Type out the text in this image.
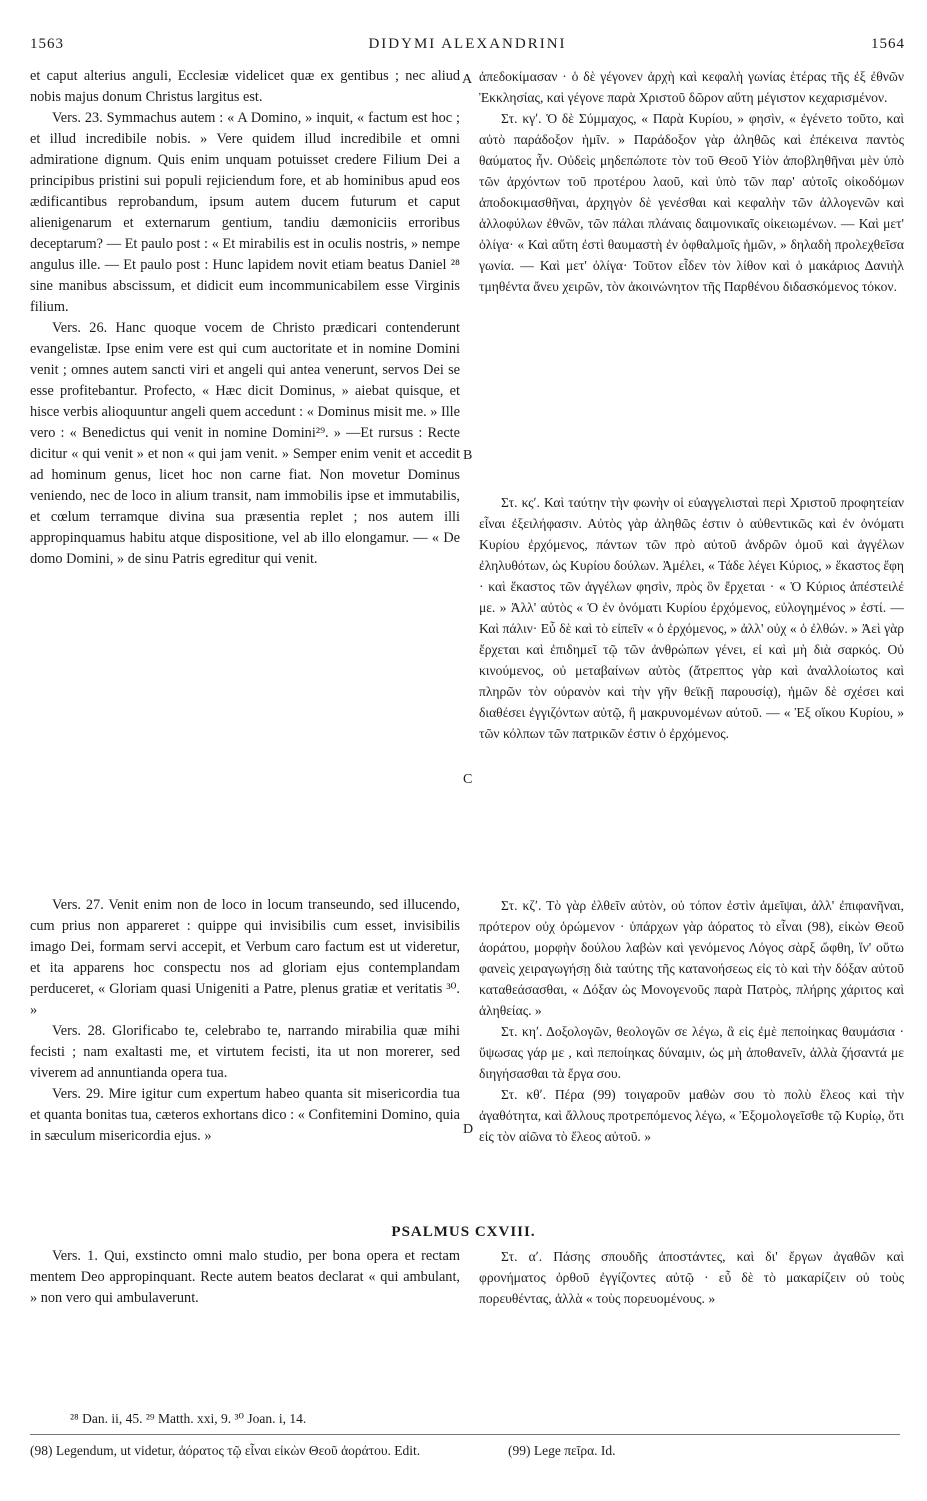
1563	DIDYMI ALEXANDRINI	1564
A
B
C
D

et caput alterius anguli, Ecclesiæ videlicet quæ ex gentibus ; nec aliud nobis majus donum Christus largitus est.

Vers. 23. Symmachus autem : « A Domino, » inquit, « factum est hoc ; et illud incredibile nobis. » Vere quidem illud incredibile et omni admiratione dignum. Quis enim unquam potuisset credere Filium Dei a principibus pristini sui populi rejiciendum fore, et ab hominibus apud eos ædificantibus reprobandum, ipsum autem ducem futurum et caput alienigenarum et externarum gentium, tandiu dæmoniciis erroribus deceptarum? — Et paulo post : « Et mirabilis est in oculis nostris, » nempe angulus ille. — Et paulo post : Hunc lapidem novit etiam beatus Daniel ²⁸ sine manibus abscissum, et didicit eum incommunicabilem esse Virginis filium.

Vers. 26. Hanc quoque vocem de Christo prædicari contenderunt evangelistæ. Ipse enim vere est qui cum auctoritate et in nomine Domini venit ; omnes autem sancti viri et angeli qui antea venerunt, servos Dei se esse profitebantur. Profecto, « Hæc dicit Dominus, » aiebat quisque, et hisce verbis alioquuntur angeli quem accedunt : « Dominus misit me. » Ille vero : « Benedictus qui venit in nomine Domini²⁹. » —Et rursus : Recte dicitur « qui venit » et non « qui jam venit. » Semper enim venit et accedit ad hominum genus, licet hoc non carne fiat. Non movetur Dominus veniendo, nec de loco in alium transit, nam immobilis ipse et immutabilis, et cœlum terramque divina sua præsentia replet ; nos autem illi appropinquamus habitu atque dispositione, vel ab illo elongamur. — « De domo Domini, » de sinu Patris egreditur qui venit.

Vers. 27. Venit enim non de loco in locum transeundo, sed illucendo, cum prius non appareret : quippe qui invisibilis cum esset, invisibilis imago Dei, formam servi accepit, et Verbum caro factum est ut videretur, et ita apparens hoc conspectu nos ad gloriam ejus contemplandam perduceret, « Gloriam quasi Unigeniti a Patre, plenus gratiæ et veritatis ³⁰. »

Vers. 28. Glorificabo te, celebrabo te, narrando mirabilia quæ mihi fecisti ; nam exaltasti me, et virtutem fecisti, ita ut non morerer, sed viverem ad annuntianda opera tua.

Vers. 29. Mire igitur cum expertum habeo quanta sit misericordia tua et quanta bonitas tua, cæteros exhortans dico : « Confitemini Domino, quia in sæculum misericordia ejus. »

PSALMUS CXVIII.

Vers. 1. Qui, exstincto omni malo studio, per bona opera et rectam mentem Deo appropinquant. Recte autem beatos declarat « qui ambulant, » non vero qui ambulaverunt.

ἀπεδοκίμασαν · ὁ δὲ γέγονεν ἀρχὴ καὶ κεφαλὴ γωνίας ἑτέρας τῆς ἐξ ἐθνῶν Ἐκκλησίας, καὶ γέγονε παρὰ Χριστοῦ δῶρον αὕτη μέγιστον κεχαρισμένον.

Στ. κγʹ. Ὁ δὲ Σύμμαχος, « Παρὰ Κυρίου, » φησὶν, « ἐγένετο τοῦτο, καὶ αὐτὸ παράδοξον ἡμῖν. » Παράδοξον γὰρ ἀληθῶς καὶ ἐπέκεινα παντὸς θαύματος ἦν. Οὐδεὶς μηδεπώποτε τὸν τοῦ Θεοῦ Υἱὸν ἀποβληθῆναι μὲν ὑπὸ τῶν ἀρχόντων τοῦ προτέρου λαοῦ, καὶ ὑπὸ τῶν παρ' αὐτοῖς οἰκοδόμων ἀποδοκιμασθῆναι, ἀρχηγὸν δὲ γενέσθαι καὶ κεφαλὴν τῶν ἀλλογενῶν καὶ ἀλλοφύλων ἐθνῶν, τῶν πάλαι πλάναις δαιμονικαῖς οἰκειωμένων. — Καὶ μετ' ὀλίγα· « Καὶ αὕτη ἐστὶ θαυμαστὴ ἐν ὀφθαλμοῖς ἡμῶν, » δηλαδὴ προλεχθεῖσα γωνία. — Καὶ μετ' ὀλίγα· Τοῦτον εἶδεν τὸν λίθον καὶ ὁ μακάριος Δανιὴλ τμηθέντα ἄνευ χειρῶν, τὸν ἀκοινώνητον τῆς Παρθένου διδασκόμενος τόκον.

Στ. κςʹ. Καὶ ταύτην τὴν φωνὴν οἱ εὐαγγελισταὶ περὶ Χριστοῦ προφητείαν εἶναι ἐξειλήφασιν. Αὐτὸς γὰρ ἀληθῶς ἐστιν ὁ αὐθεντικῶς καὶ ἐν ὀνόματι Κυρίου ἐρχόμενος, πάντων τῶν πρὸ αὐτοῦ ἀνδρῶν ὁμοῦ καὶ ἀγγέλων ἐληλυθότων, ὡς Κυρίου δούλων. Ἀμέλει, « Τάδε λέγει Κύριος, » ἕκαστος ἔφη · καὶ ἕκαστος τῶν ἀγγέλων φησὶν, πρὸς ὃν ἔρχεται · « Ὁ Κύριος ἀπέστειλέ με. » Ἀλλ' αὐτὸς « Ὁ ἐν ὀνόματι Κυρίου ἐρχόμενος, εὐλογημένος » ἐστί. — Καὶ πάλιν· Εὖ δὲ καὶ τὸ εἰπεῖν « ὁ ἐρχόμενος, » ἀλλ' οὐχ « ὁ ἐλθών. » Ἀεὶ γὰρ ἔρχεται καὶ ἐπιδημεῖ τῷ τῶν ἀνθρώπων γένει, εἰ καὶ μὴ διὰ σαρκός. Οὐ κινούμενος, οὐ μεταβαίνων αὐτὸς (ἄτρεπτος γὰρ καὶ ἀναλλοίωτος καὶ πληρῶν τὸν οὐρανὸν καὶ τὴν γῆν θεϊκῇ παρουσίᾳ), ἡμῶν δὲ σχέσει καὶ διαθέσει ἐγγιζόντων αὐτῷ, ἢ μακρυνομένων αὐτοῦ. — « Ἐξ οἴκου Κυρίου, » τῶν κόλπων τῶν πατρικῶν ἐστιν ὁ ἐρχόμενος.

Στ. κζʹ. Τὸ γὰρ ἐλθεῖν αὐτὸν, οὐ τόπον ἐστὶν ἀμεῖψαι, ἀλλ' ἐπιφανῆναι, πρότερον οὐχ ὁρώμενον · ὑπάρχων γὰρ ἀόρατος τὸ εἶναι (98), εἰκὼν Θεοῦ ἀοράτου, μορφὴν δούλου λαβὼν καὶ γενόμενος Λόγος σὰρξ ὤφθη, ἵν' οὕτω φανεὶς χειραγωγήσῃ διὰ ταύτης τῆς κατανοήσεως εἰς τὸ καὶ τὴν δόξαν αὐτοῦ καταθεάσασθαι, « Δόξαν ὡς Μονογενοῦς παρὰ Πατρὸς, πλήρης χάριτος καὶ ἀληθείας. »

Στ. κηʹ. Δοξολογῶν, θεολογῶν σε λέγω, ἃ εἰς ἐμὲ πεποίηκας θαυμάσια · ὕψωσας γάρ με , καὶ πεποίηκας δύναμιν, ὡς μὴ ἀποθανεῖν, ἀλλὰ ζήσαντά με διηγήσασθαι τὰ ἔργα σου.

Στ. κθʹ. Πέρα (99) τοιγαροῦν μαθὼν σου τὸ πολὺ ἔλεος καὶ τὴν ἀγαθότητα, καὶ ἄλλους προτρεπόμενος λέγω, « Ἐξομολογεῖσθε τῷ Κυρίῳ, ὅτι εἰς τὸν αἰῶνα τὸ ἔλεος αὐτοῦ. »

Στ. αʹ. Πάσης σπουδῆς ἀποστάντες, καὶ δι' ἔργων ἀγαθῶν καὶ φρονήματος ὀρθοῦ ἐγγίζοντες αὐτῷ · εὖ δὲ τὸ μακαρίζειν οὐ τοὺς πορευθέντας, ἀλλὰ « τοὺς πορευομένους. »

²⁸ Dan. ii, 45. ²⁹ Matth. xxi, 9. ³⁰ Joan. i, 14.
(98) Legendum, ut videtur, ἀόρατος τῷ εἶναι εἰκὼν Θεοῦ ἀοράτου. Edit.	(99) Lege πεῖρα. Id.
